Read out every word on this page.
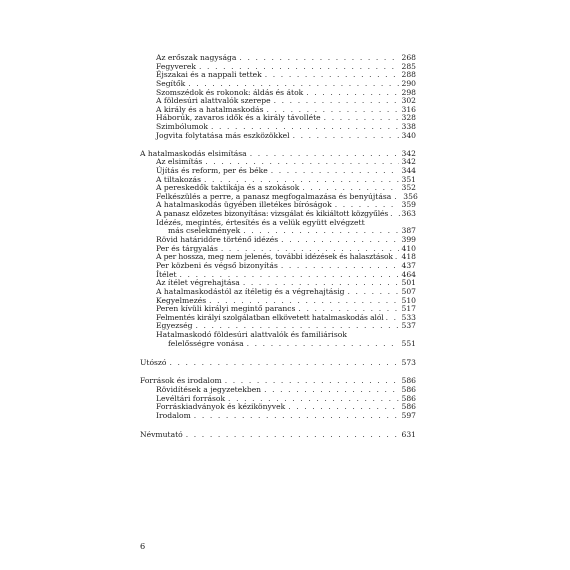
Az erőszak nagysága . . .	268
Fegyverek . . .	285
Éjszakai és a nappali tettek . . .	288
Segítők . . .	290
Szomszédok és rokonok: áldás és átok . . .	298
A földesúri alattvalók szerepe . . .	302
A király és a hatalmaskodás . . .	316
Háborúk, zavaros idők és a király távolléte . . .	328
Szimbólumok . . .	338
Jogvita folytatása más eszközökkel . . .	340
A hatalmaskodás elsimítása . . .	342
Az elsimítás . . .	342
Újítás és reform, per és béke . . .	344
A tiltakozás . . .	351
A pereskedők taktikája és a szokások . . .	352
Felkészülés a perre, a panasz megfogalmazása és benyújtása . . . 356
A hatalmaskodás ügyében illetékes bíróságok . . .	359
A panasz előzetes bizonyítása: vizsgálat és kikiáltott közgyűlés . . . 363
Idézés, megintés, értesítés és a velük együtt elvégzett
más cselekmények . . .	387
Rövid határidőre történő idézés . . .	399
Per és tárgyalás . . .	410
A per hossza, meg nem jelenés, további idézések és halasztások . . . 418
Per közbeni és végső bizonyítás . . .	437
Ítélet . . .	464
Az ítélet végrehajtása . . .	501
A hatalmaskodástól az ítéletig és a végrehajtásig . . .	507
Kegyelmezés . . .	510
Peren kívüli királyi megintő parancs . . .	517
Felmentés királyi szolgálatban elkövetett hatalmaskodás alól . . . 533
Egyezség . . .	537
Hatalmaskodó földesúri alattvalók és familiárisok
felelősségre vonása . . .	551
Utószó . . .	573
Források és irodalom . . .	586
Rövidítések a jegyzetekben . . .	586
Levéltári források . . .	586
Forráskiadványok és kézikönyvek . . .	586
Irodalom . . .	597
Névmutató . . .	631
6
